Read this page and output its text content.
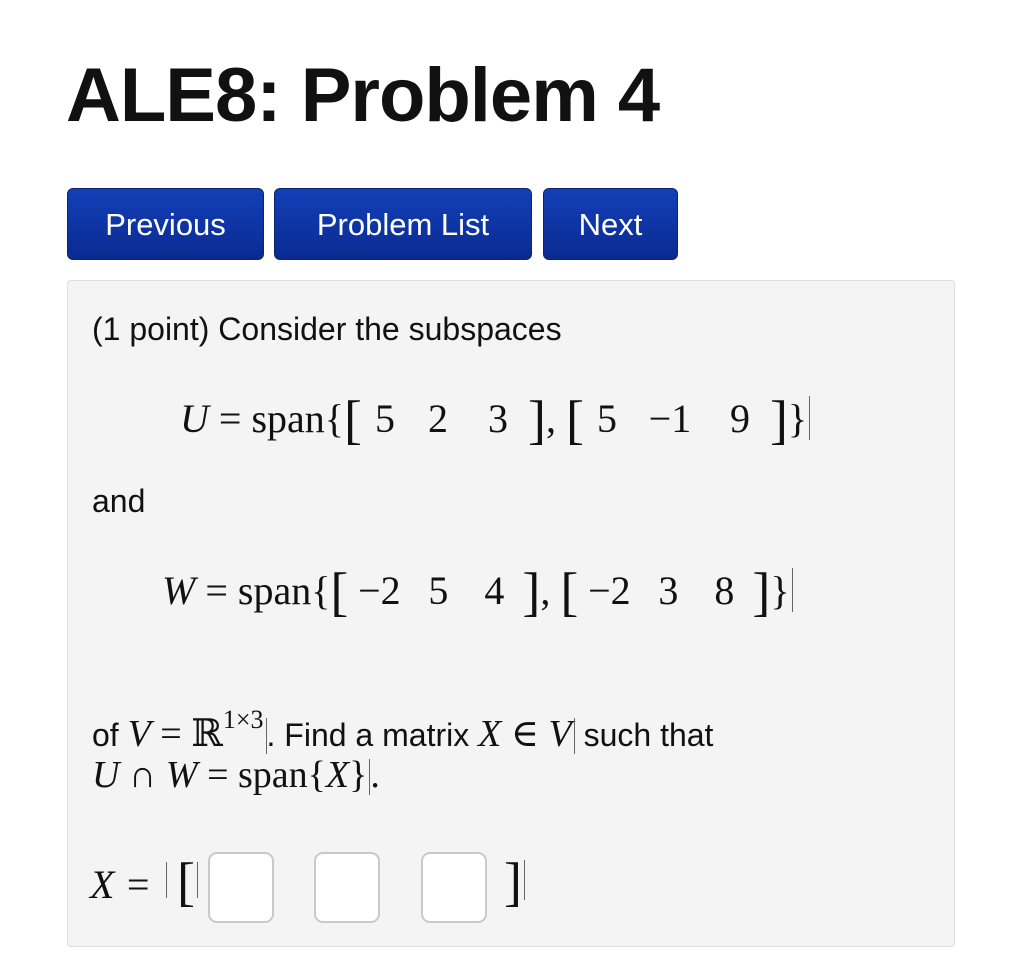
ALE8: Problem 4
Previous	Problem List	Next
(1 point) Consider the subspaces
U = span{[ 5 2 3 ], [ 5 −1 9 ]}
and
W = span{[ −2 5 4 ], [ −2 3 8 ]}
of V = ℝ$^{1\times 3}$. Find a matrix X ∈ V such that
U ∩ W = span{X}.
X = [	]
